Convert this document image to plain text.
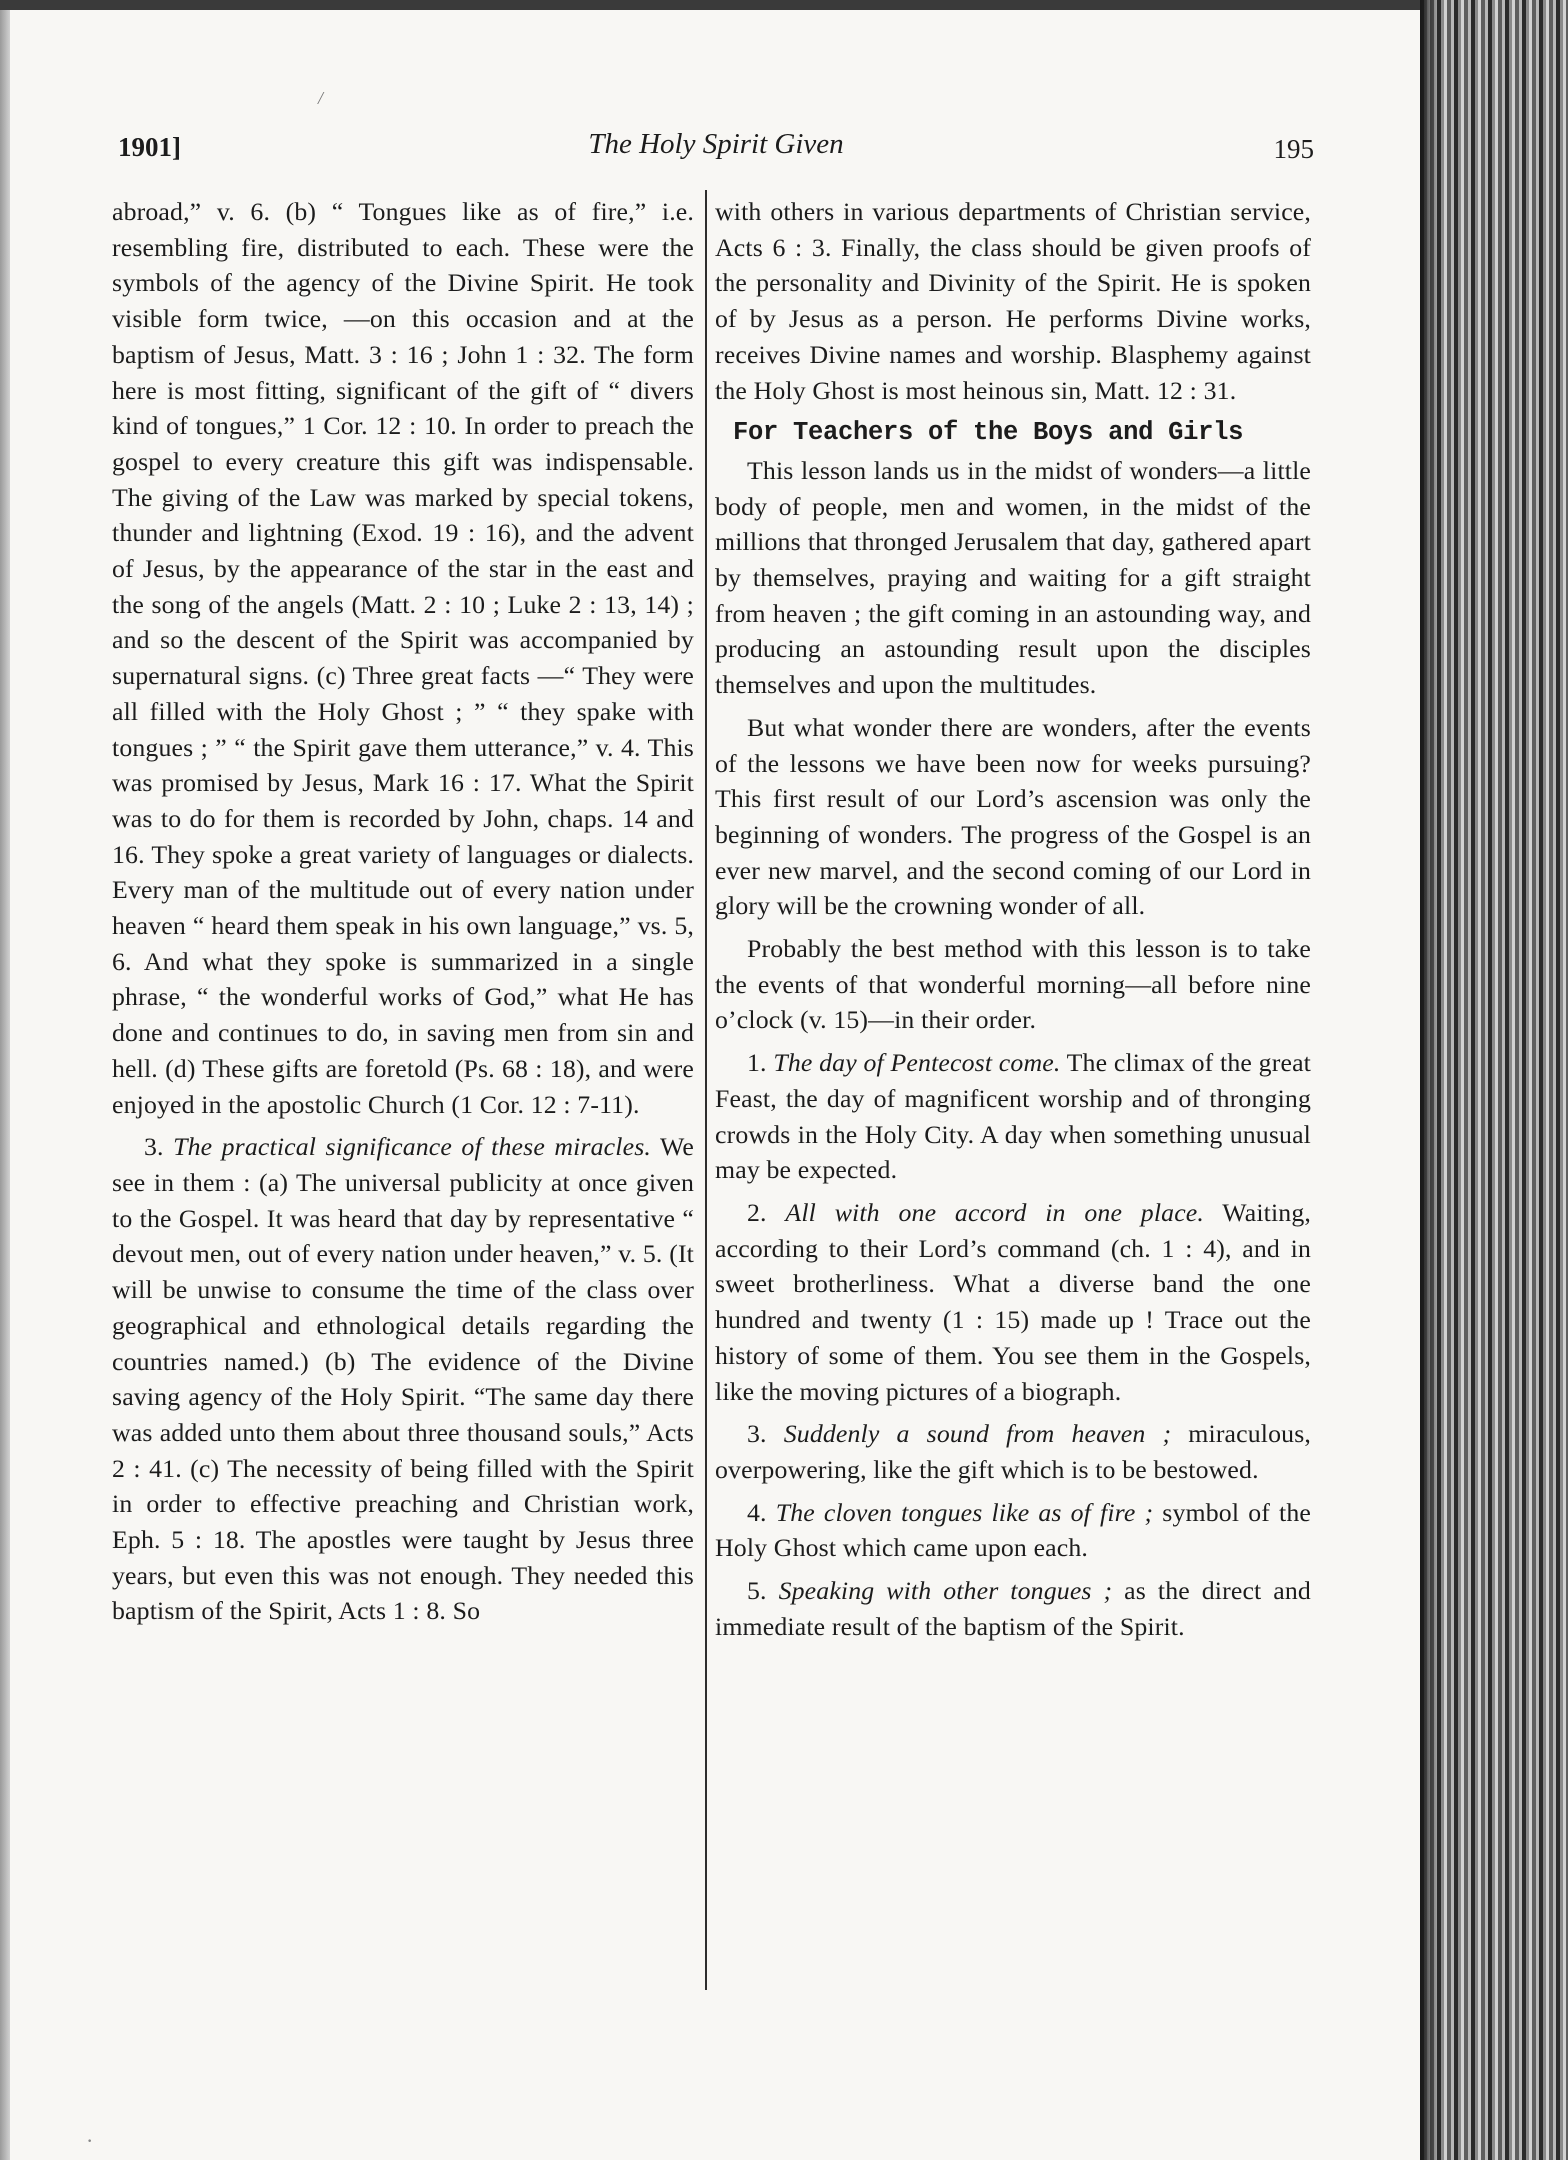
/
1901]	The Holy Spirit Given	195

abroad,” v. 6. (b) “ Tongues like as of fire,” i.e. resembling fire, distributed to each. These were the symbols of the agency of the Divine Spirit. He took visible form twice, —on this occasion and at the baptism of Jesus, Matt. 3 : 16 ; John 1 : 32. The form here is most fitting, significant of the gift of “ divers kind of tongues,” 1 Cor. 12 : 10. In order to preach the gospel to every creature this gift was indispensable. The giving of the Law was marked by special tokens, thunder and lightning (Exod. 19 : 16), and the advent of Jesus, by the appearance of the star in the east and the song of the angels (Matt. 2 : 10 ; Luke 2 : 13, 14) ; and so the descent of the Spirit was accompanied by supernatural signs. (c) Three great facts —“ They were all filled with the Holy Ghost ; ” “ they spake with tongues ; ” “ the Spirit gave them utterance,” v. 4. This was promised by Jesus, Mark 16 : 17. What the Spirit was to do for them is recorded by John, chaps. 14 and 16. They spoke a great variety of languages or dialects. Every man of the multitude out of every nation under heaven “ heard them speak in his own language,” vs. 5, 6. And what they spoke is summarized in a single phrase, “ the wonderful works of God,” what He has done and continues to do, in saving men from sin and hell. (d) These gifts are foretold (Ps. 68 : 18), and were enjoyed in the apostolic Church (1 Cor. 12 : 7-11).

3. The practical significance of these miracles. We see in them : (a) The universal publicity at once given to the Gospel. It was heard that day by representative “ devout men, out of every nation under heaven,” v. 5. (It will be unwise to consume the time of the class over geographical and ethnological details regarding the countries named.) (b) The evidence of the Divine saving agency of the Holy Spirit. “The same day there was added unto them about three thousand souls,” Acts 2 : 41. (c) The necessity of being filled with the Spirit in order to effective preaching and Christian work, Eph. 5 : 18. The apostles were taught by Jesus three years, but even this was not enough. They needed this baptism of the Spirit, Acts 1 : 8. So

with others in various departments of Christian service, Acts 6 : 3. Finally, the class should be given proofs of the personality and Divinity of the Spirit. He is spoken of by Jesus as a person. He performs Divine works, receives Divine names and worship. Blasphemy against the Holy Ghost is most heinous sin, Matt. 12 : 31.

For Teachers of the Boys and Girls

This lesson lands us in the midst of wonders—a little body of people, men and women, in the midst of the millions that thronged Jerusalem that day, gathered apart by themselves, praying and waiting for a gift straight from heaven ; the gift coming in an astounding way, and producing an astounding result upon the disciples themselves and upon the multitudes.

But what wonder there are wonders, after the events of the lessons we have been now for weeks pursuing? This first result of our Lord’s ascension was only the beginning of wonders. The progress of the Gospel is an ever new marvel, and the second coming of our Lord in glory will be the crowning wonder of all.

Probably the best method with this lesson is to take the events of that wonderful morning—all before nine o’clock (v. 15)—in their order.

1. The day of Pentecost come. The climax of the great Feast, the day of magnificent worship and of thronging crowds in the Holy City. A day when something unusual may be expected.

2. All with one accord in one place. Waiting, according to their Lord’s command (ch. 1 : 4), and in sweet brotherliness. What a diverse band the one hundred and twenty (1 : 15) made up ! Trace out the history of some of them. You see them in the Gospels, like the moving pictures of a biograph.

3. Suddenly a sound from heaven ; miraculous, overpowering, like the gift which is to be bestowed.

4. The cloven tongues like as of fire ; symbol of the Holy Ghost which came upon each.

5. Speaking with other tongues ; as the direct and immediate result of the baptism of the Spirit.

·
